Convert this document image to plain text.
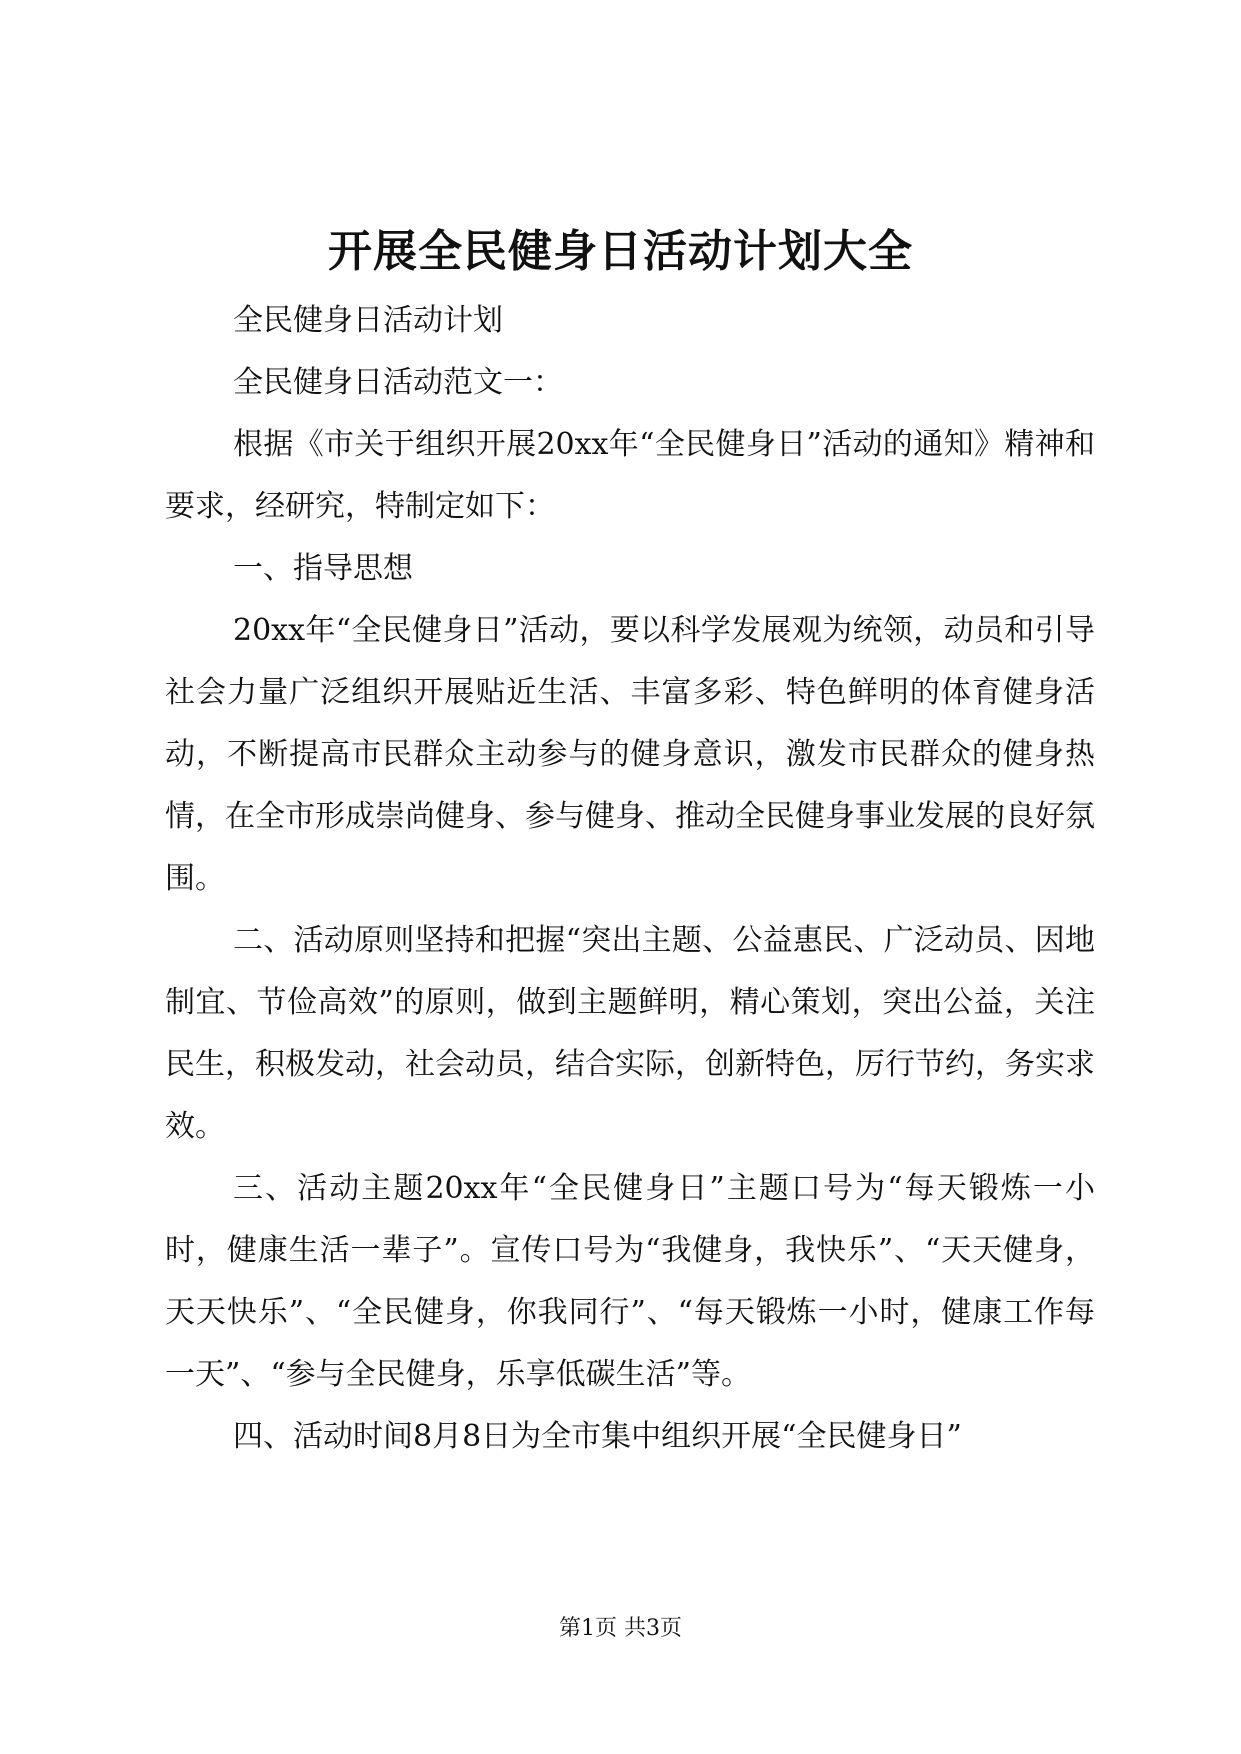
开展全民健身日活动计划大全

全民健身日活动计划

全民健身日活动范文一：

根据《市关于组织开展20xx年“全民健身日”活动的通知》精神和要求，经研究，特制定如下：

一、指导思想

20xx年“全民健身日”活动，要以科学发展观为统领，动员和引导社会力量广泛组织开展贴近生活、丰富多彩、特色鲜明的体育健身活动，不断提高市民群众主动参与的健身意识，激发市民群众的健身热情，在全市形成崇尚健身、参与健身、推动全民健身事业发展的良好氛围。

二、活动原则坚持和把握“突出主题、公益惠民、广泛动员、因地制宜、节俭高效”的原则，做到主题鲜明，精心策划，突出公益，关注民生，积极发动，社会动员，结合实际，创新特色，厉行节约，务实求效。

三、活动主题20xx年“全民健身日”主题口号为“每天锻炼一小时，健康生活一辈子”。宣传口号为“我健身，我快乐”、“天天健身，天天快乐”、“全民健身，你我同行”、“每天锻炼一小时，健康工作每一天”、“参与全民健身，乐享低碳生活”等。

四、活动时间8月8日为全市集中组织开展“全民健身日”

第1页 共3页
